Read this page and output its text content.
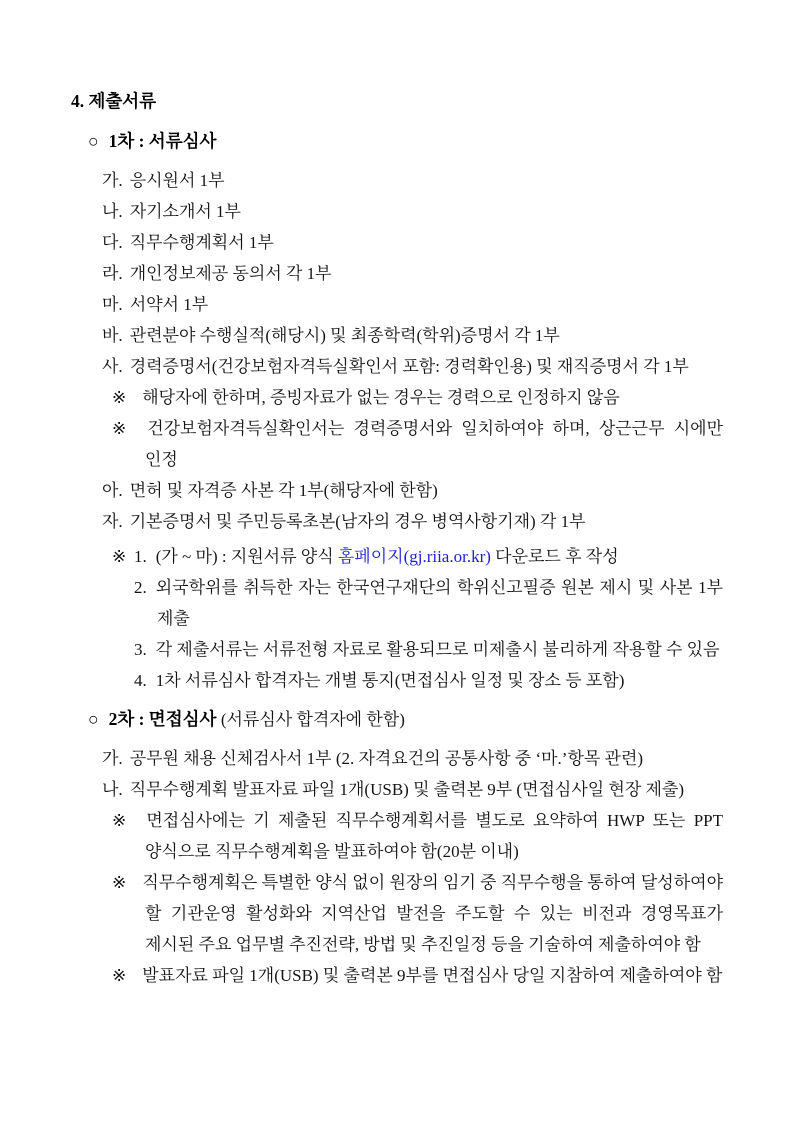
4. 제출서류

○ 1차 : 서류심사

가. 응시원서 1부

나. 자기소개서 1부

다. 직무수행계획서 1부

라. 개인정보제공 동의서 각 1부

마. 서약서 1부

바. 관련분야 수행실적(해당시) 및 최종학력(학위)증명서 각 1부

사. 경력증명서(건강보험자격득실확인서 포함: 경력확인용) 및 재직증명서 각 1부

※ 해당자에 한하며, 증빙자료가 없는 경우는 경력으로 인정하지 않음

※ 건강보험자격득실확인서는 경력증명서와 일치하여야 하며, 상근근무 시에만 인정

아. 면허 및 자격증 사본 각 1부(해당자에 한함)

자. 기본증명서 및 주민등록초본(남자의 경우 병역사항기재) 각 1부

※ 1. (가 ~ 마) : 지원서류 양식 홈페이지(gj.riia.or.kr) 다운로드 후 작성

2. 외국학위를 취득한 자는 한국연구재단의 학위신고필증 원본 제시 및 사본 1부 제출

3. 각 제출서류는 서류전형 자료로 활용되므로 미제출시 불리하게 작용할 수 있음

4. 1차 서류심사 합격자는 개별 통지(면접심사 일정 및 장소 등 포함)

○ 2차 : 면접심사 (서류심사 합격자에 한함)

가. 공무원 채용 신체검사서 1부 (2. 자격요건의 공통사항 중 ‘마.’항목 관련)

나. 직무수행계획 발표자료 파일 1개(USB) 및 출력본 9부 (면접심사일 현장 제출)

※ 면접심사에는 기 제출된 직무수행계획서를 별도로 요약하여 HWP 또는 PPT 양식으로 직무수행계획을 발표하여야 함(20분 이내)

※ 직무수행계획은 특별한 양식 없이 원장의 임기 중 직무수행을 통하여 달성하여야 할 기관운영 활성화와 지역산업 발전을 주도할 수 있는 비전과 경영목표가 제시된 주요 업무별 추진전략, 방법 및 추진일정 등을 기술하여 제출하여야 함

※ 발표자료 파일 1개(USB) 및 출력본 9부를 면접심사 당일 지참하여 제출하여야 함
